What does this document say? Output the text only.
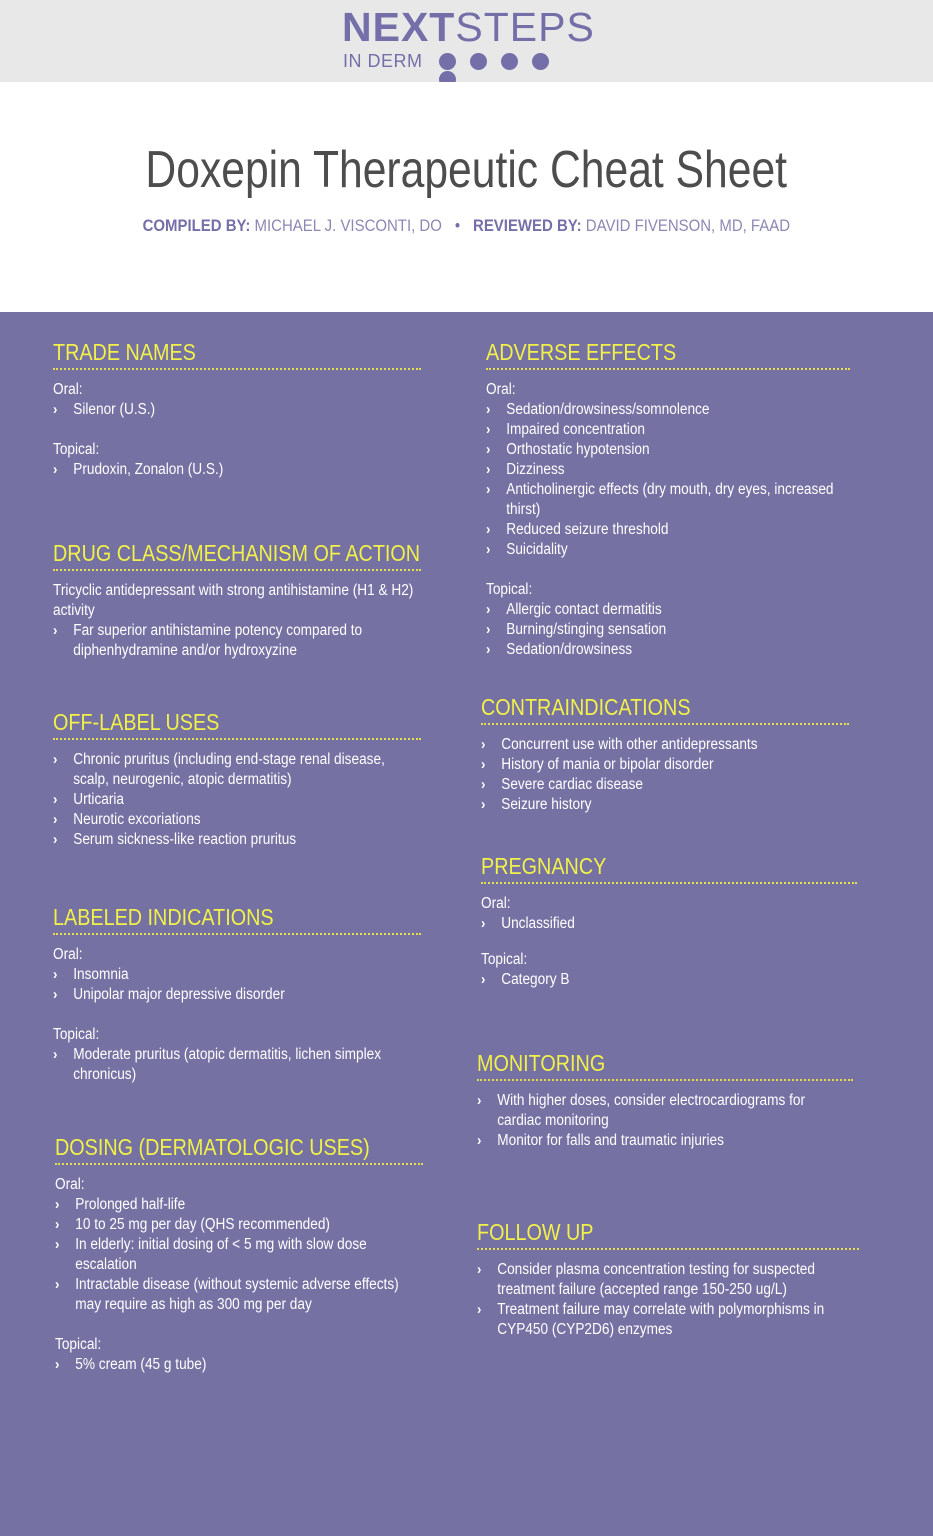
NEXTSTEPS
IN DERM
Doxepin Therapeutic Cheat Sheet
COMPILED BY: MICHAEL J. VISCONTI, DO • REVIEWED BY: DAVID FIVENSON, MD, FAAD
TRADE NAMES

Oral:

› Silenor (U.S.)

Topical:

› Prudoxin, Zonalon (U.S.)
DRUG CLASS/MECHANISM OF ACTION

Tricyclic antidepressant with strong antihistamine (H1 & H2) activity

› Far superior antihistamine potency compared to diphenhydramine and/or hydroxyzine
OFF-LABEL USES
› Chronic pruritus (including end-stage renal disease, scalp, neurogenic, atopic dermatitis)
› Urticaria
› Neurotic excoriations
› Serum sickness-like reaction pruritus
LABELED INDICATIONS

Oral:

› Insomnia
› Unipolar major depressive disorder

Topical:

› Moderate pruritus (atopic dermatitis, lichen simplex chronicus)
DOSING (DERMATOLOGIC USES)

Oral:

› Prolonged half-life
› 10 to 25 mg per day (QHS recommended)
› In elderly: initial dosing of < 5 mg with slow dose escalation
› Intractable disease (without systemic adverse effects) may require as high as 300 mg per day

Topical:

› 5% cream (45 g tube)
ADVERSE EFFECTS

Oral:

› Sedation/drowsiness/somnolence
› Impaired concentration
› Orthostatic hypotension
› Dizziness
› Anticholinergic effects (dry mouth, dry eyes, increased thirst)
› Reduced seizure threshold
› Suicidality

Topical:

› Allergic contact dermatitis
› Burning/stinging sensation
› Sedation/drowsiness
CONTRAINDICATIONS
› Concurrent use with other antidepressants
› History of mania or bipolar disorder
› Severe cardiac disease
› Seizure history
PREGNANCY

Oral:

› Unclassified

Topical:

› Category B
MONITORING
› With higher doses, consider electrocardiograms for cardiac monitoring
› Monitor for falls and traumatic injuries
FOLLOW UP
› Consider plasma concentration testing for suspected treatment failure (accepted range 150-250 ug/L)
› Treatment failure may correlate with polymorphisms in CYP450 (CYP2D6) enzymes
